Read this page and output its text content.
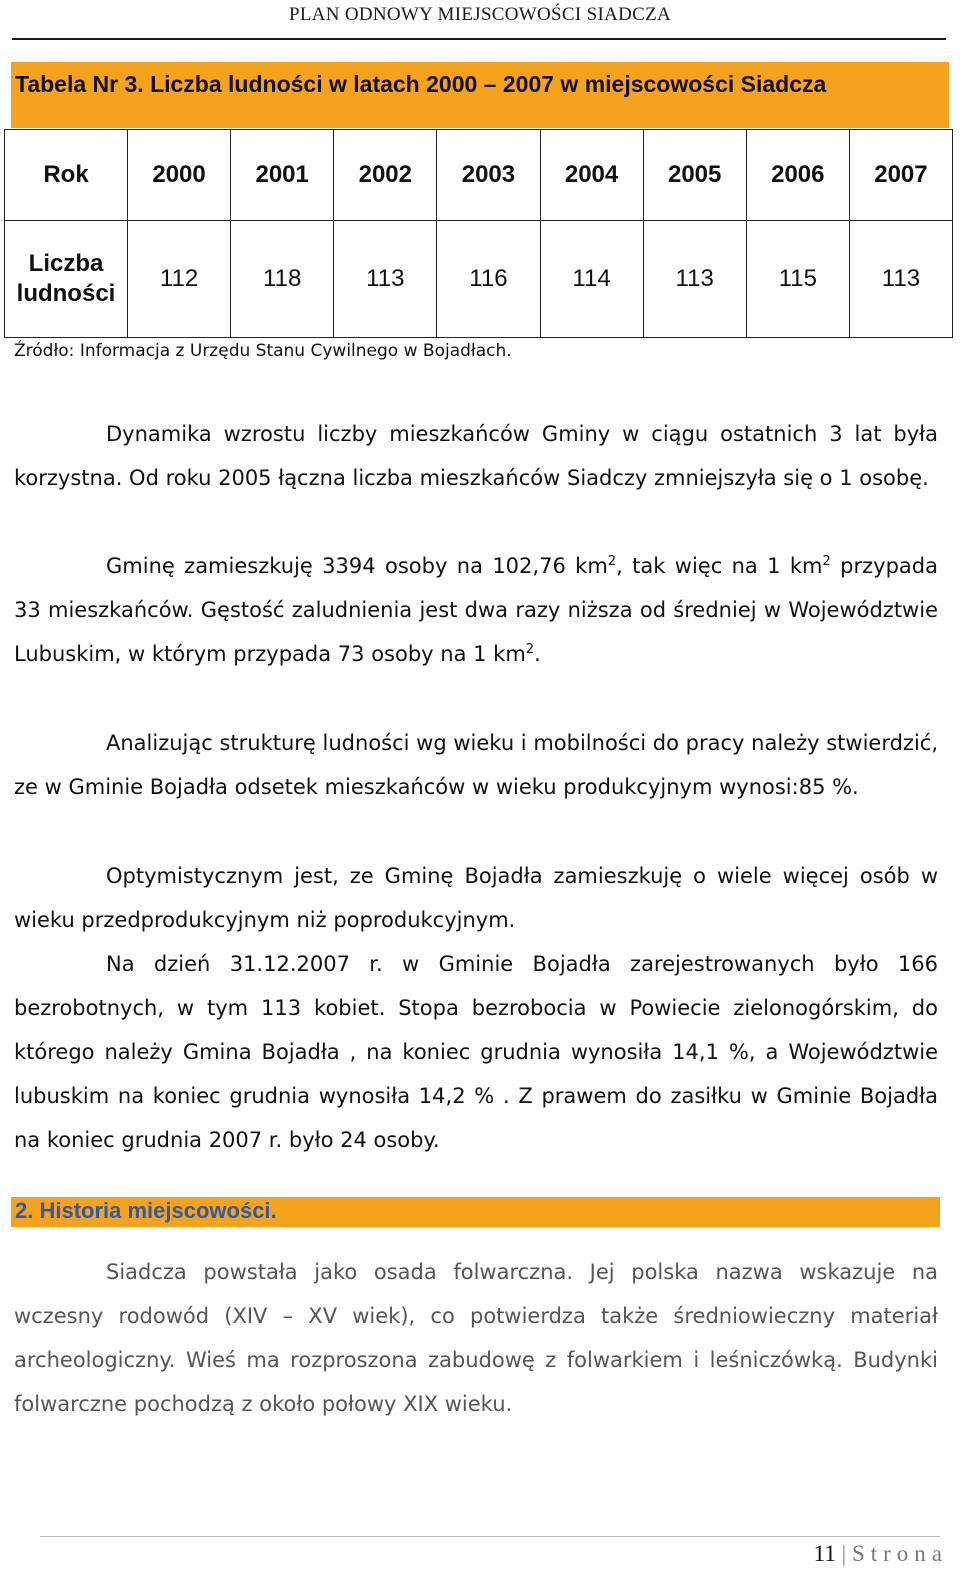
PLAN ODNOWY MIEJSCOWOŚCI SIADCZA
Tabela Nr 3. Liczba ludności w latach 2000 – 2007 w miejscowości Siadcza
Rok	2000	2001	2002	2003	2004	2005	2006	2007
Liczba
ludności	112	118	113	116	114	113	115	113
Źródło: Informacja z Urzędu Stanu Cywilnego w Bojadłach.
Dynamika wzrostu liczby mieszkańców Gminy w ciągu ostatnich 3 lat była korzystna. Od roku 2005 łączna liczba mieszkańców Siadczy zmniejszyła się o 1 osobę.
Gminę zamieszkuję 3394 osoby na 102,76 $km^2$, tak więc na 1 $km^2$ przypada 33 mieszkańców. Gęstość zaludnienia jest dwa razy niższa od średniej w Województwie Lubuskim, w którym przypada 73 osoby na 1 $km^2$.
Analizując strukturę ludności wg wieku i mobilności do pracy należy stwierdzić, ze w Gminie Bojadła odsetek mieszkańców w wieku produkcyjnym wynosi:85 %.
Optymistycznym jest, ze Gminę Bojadła zamieszkuję o wiele więcej osób w wieku przedprodukcyjnym niż poprodukcyjnym.
Na dzień 31.12.2007 r. w Gminie Bojadła zarejestrowanych było 166 bezrobotnych, w tym 113 kobiet. Stopa bezrobocia w Powiecie zielonogórskim, do którego należy Gmina Bojadła , na koniec grudnia wynosiła 14,1 %, a Województwie lubuskim na koniec grudnia wynosiła 14,2 % . Z prawem do zasiłku w Gminie Bojadła na koniec grudnia 2007 r. było 24 osoby.
2. Historia miejscowości.
Siadcza powstała jako osada folwarczna. Jej polska nazwa wskazuje na wczesny rodowód (XIV – XV wiek), co potwierdza także średniowieczny materiał archeologiczny. Wieś ma rozproszona zabudowę z folwarkiem i leśniczówką. Budynki folwarczne pochodzą z około połowy XIX wieku.
11 | Strona
